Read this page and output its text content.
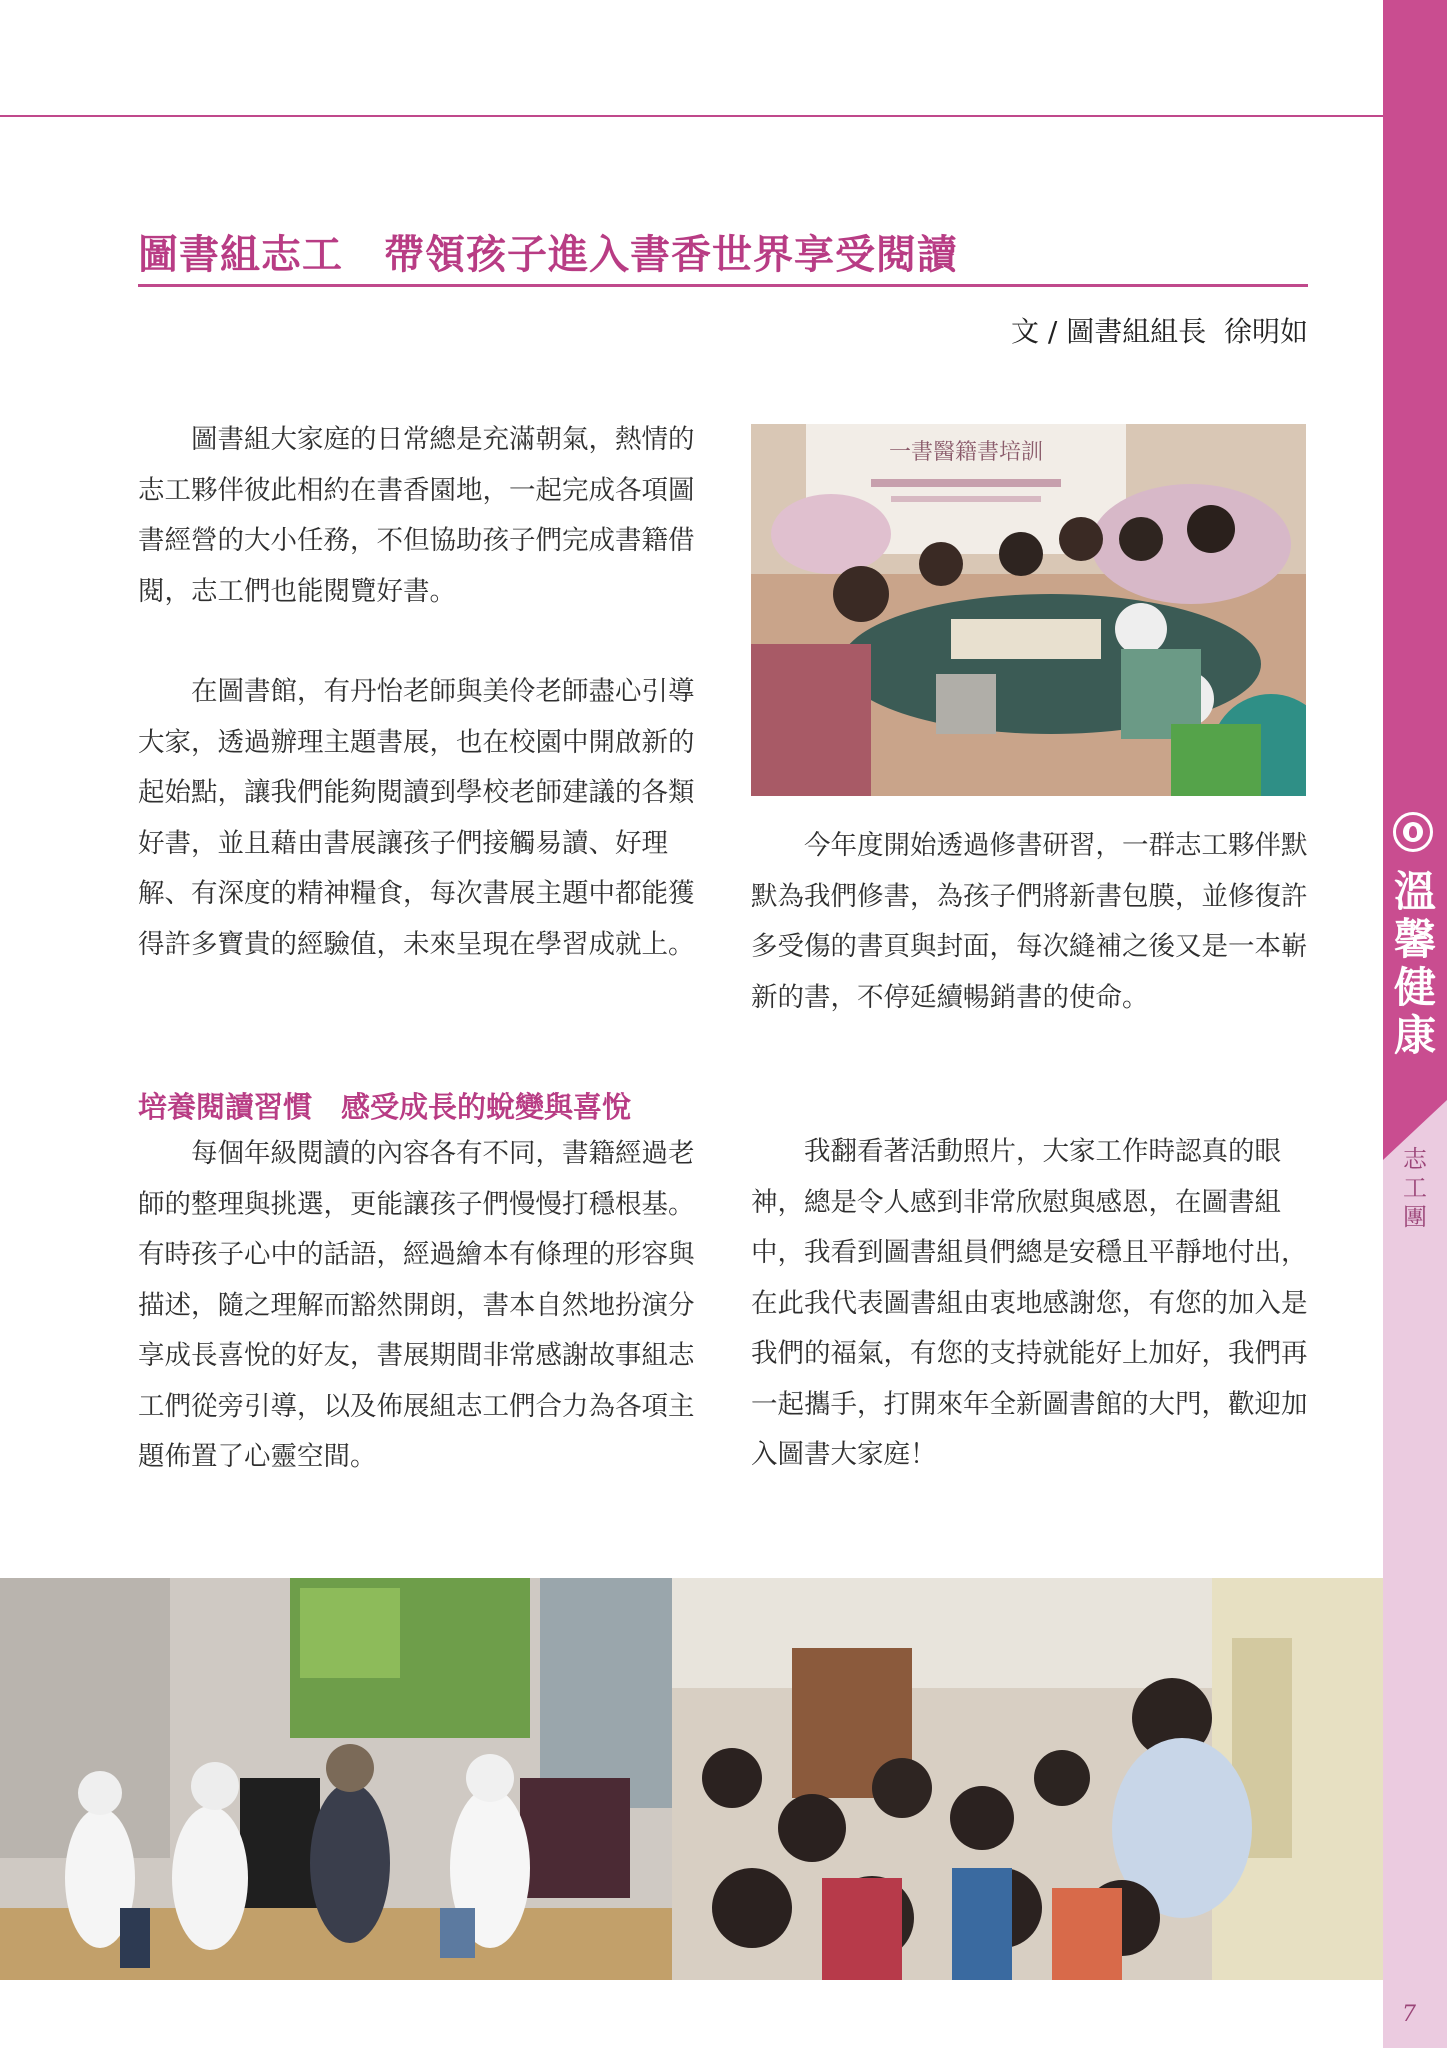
溫
馨
健
康
志
工
團
圖書組志工　帶領孩子進入書香世界享受閱讀
文 / 圖書組組長  徐明如

圖書組大家庭的日常總是充滿朝氣，熱情的志工夥伴彼此相約在書香園地，一起完成各項圖書經營的大小任務，不但協助孩子們完成書籍借閱，志工們也能閱覽好書。

在圖書館，有丹怡老師與美伶老師盡心引導大家，透過辦理主題書展，也在校園中開啟新的起始點，讓我們能夠閱讀到學校老師建議的各類好書，並且藉由書展讓孩子們接觸易讀、好理解、有深度的精神糧食，每次書展主題中都能獲得許多寶貴的經驗值，未來呈現在學習成就上。

培養閱讀習慣　感受成長的蛻變與喜悅

每個年級閱讀的內容各有不同，書籍經過老師的整理與挑選，更能讓孩子們慢慢打穩根基。有時孩子心中的話語，經過繪本有條理的形容與描述，隨之理解而豁然開朗，書本自然地扮演分享成長喜悅的好友，書展期間非常感謝故事組志工們從旁引導，以及佈展組志工們合力為各項主題佈置了心靈空間。

一書醫籍書培訓

今年度開始透過修書研習，一群志工夥伴默默為我們修書，為孩子們將新書包膜，並修復許多受傷的書頁與封面，每次縫補之後又是一本嶄新的書，不停延續暢銷書的使命。

我翻看著活動照片，大家工作時認真的眼神，總是令人感到非常欣慰與感恩，在圖書組中，我看到圖書組員們總是安穩且平靜地付出，在此我代表圖書組由衷地感謝您，有您的加入是我們的福氣，有您的支持就能好上加好，我們再一起攜手，打開來年全新圖書館的大門，歡迎加入圖書大家庭！

7
